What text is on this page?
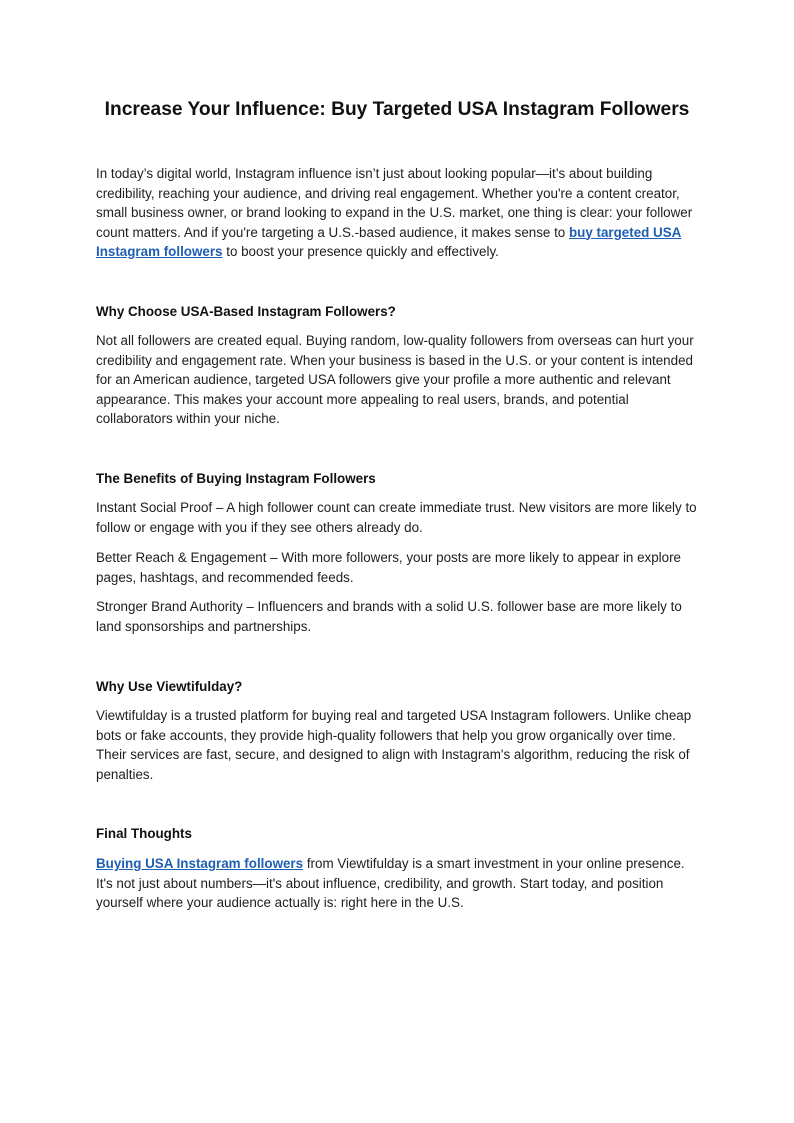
Increase Your Influence: Buy Targeted USA Instagram Followers

In today’s digital world, Instagram influence isn’t just about looking popular—it’s about building credibility, reaching your audience, and driving real engagement. Whether you're a content creator, small business owner, or brand looking to expand in the U.S. market, one thing is clear: your follower count matters. And if you're targeting a U.S.-based audience, it makes sense to buy targeted USA Instagram followers to boost your presence quickly and effectively.

Why Choose USA-Based Instagram Followers?

Not all followers are created equal. Buying random, low-quality followers from overseas can hurt your credibility and engagement rate. When your business is based in the U.S. or your content is intended for an American audience, targeted USA followers give your profile a more authentic and relevant appearance. This makes your account more appealing to real users, brands, and potential collaborators within your niche.

The Benefits of Buying Instagram Followers

Instant Social Proof – A high follower count can create immediate trust. New visitors are more likely to follow or engage with you if they see others already do.

Better Reach & Engagement – With more followers, your posts are more likely to appear in explore pages, hashtags, and recommended feeds.

Stronger Brand Authority – Influencers and brands with a solid U.S. follower base are more likely to land sponsorships and partnerships.

Why Use Viewtifulday?

Viewtifulday is a trusted platform for buying real and targeted USA Instagram followers. Unlike cheap bots or fake accounts, they provide high-quality followers that help you grow organically over time. Their services are fast, secure, and designed to align with Instagram's algorithm, reducing the risk of penalties.

Final Thoughts

Buying USA Instagram followers from Viewtifulday is a smart investment in your online presence. It's not just about numbers—it's about influence, credibility, and growth. Start today, and position yourself where your audience actually is: right here in the U.S.
